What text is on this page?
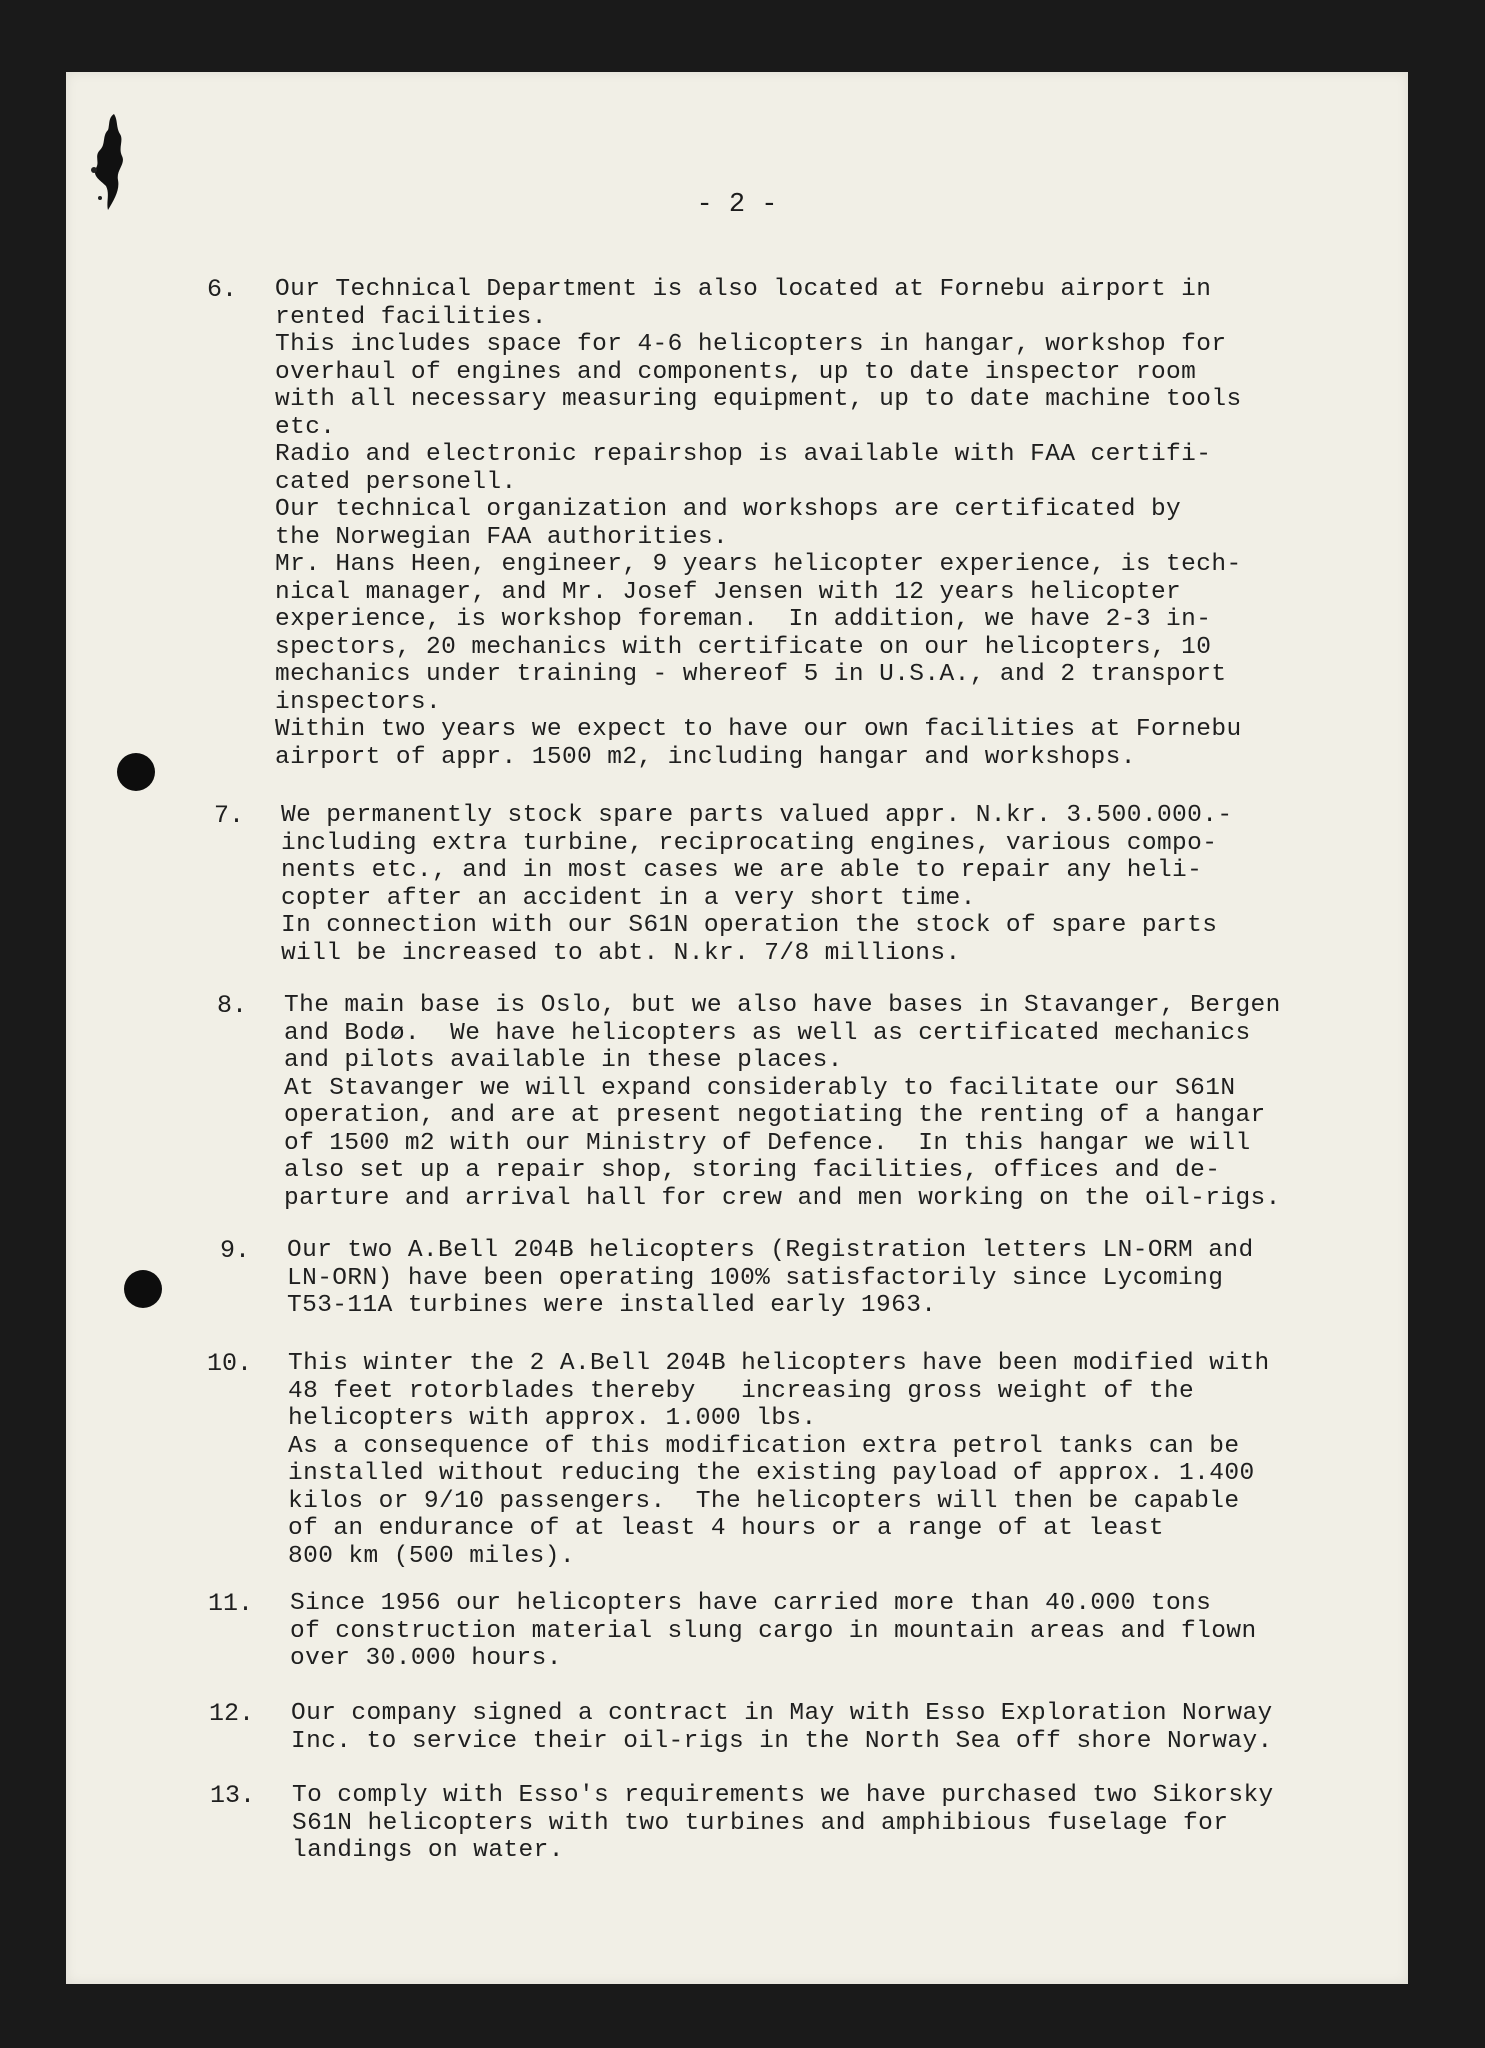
- 2 -
6. Our Technical Department is also located at Fornebu airport in
rented facilities.
This includes space for 4-6 helicopters in hangar, workshop for
overhaul of engines and components, up to date inspector room
with all necessary measuring equipment, up to date machine tools
etc.
Radio and electronic repairshop is available with FAA certifi-
cated personell.
Our technical organization and workshops are certificated by
the Norwegian FAA authorities.
Mr. Hans Heen, engineer, 9 years helicopter experience, is tech-
nical manager, and Mr. Josef Jensen with 12 years helicopter
experience, is workshop foreman.  In addition, we have 2-3 in-
spectors, 20 mechanics with certificate on our helicopters, 10
mechanics under training - whereof 5 in U.S.A., and 2 transport
inspectors.
Within two years we expect to have our own facilities at Fornebu
airport of appr. 1500 m2, including hangar and workshops.
7. We permanently stock spare parts valued appr. N.kr. 3.500.000.-
including extra turbine, reciprocating engines, various compo-
nents etc., and in most cases we are able to repair any heli-
copter after an accident in a very short time.
In connection with our S61N operation the stock of spare parts
will be increased to abt. N.kr. 7/8 millions.
8. The main base is Oslo, but we also have bases in Stavanger, Bergen
and Bodø.  We have helicopters as well as certificated mechanics
and pilots available in these places.
At Stavanger we will expand considerably to facilitate our S61N
operation, and are at present negotiating the renting of a hangar
of 1500 m2 with our Ministry of Defence.  In this hangar we will
also set up a repair shop, storing facilities, offices and de-
parture and arrival hall for crew and men working on the oil-rigs.
9. Our two A.Bell 204B helicopters (Registration letters LN-ORM and
LN-ORN) have been operating 100% satisfactorily since Lycoming
T53-11A turbines were installed early 1963.
10. This winter the 2 A.Bell 204B helicopters have been modified with
48 feet rotorblades thereby   increasing gross weight of the
helicopters with approx. 1.000 lbs.
As a consequence of this modification extra petrol tanks can be
installed without reducing the existing payload of approx. 1.400
kilos or 9/10 passengers.  The helicopters will then be capable
of an endurance of at least 4 hours or a range of at least
800 km (500 miles).
11. Since 1956 our helicopters have carried more than 40.000 tons
of construction material slung cargo in mountain areas and flown
over 30.000 hours.
12. Our company signed a contract in May with Esso Exploration Norway
Inc. to service their oil-rigs in the North Sea off shore Norway.
13. To comply with Esso's requirements we have purchased two Sikorsky
S61N helicopters with two turbines and amphibious fuselage for
landings on water.
